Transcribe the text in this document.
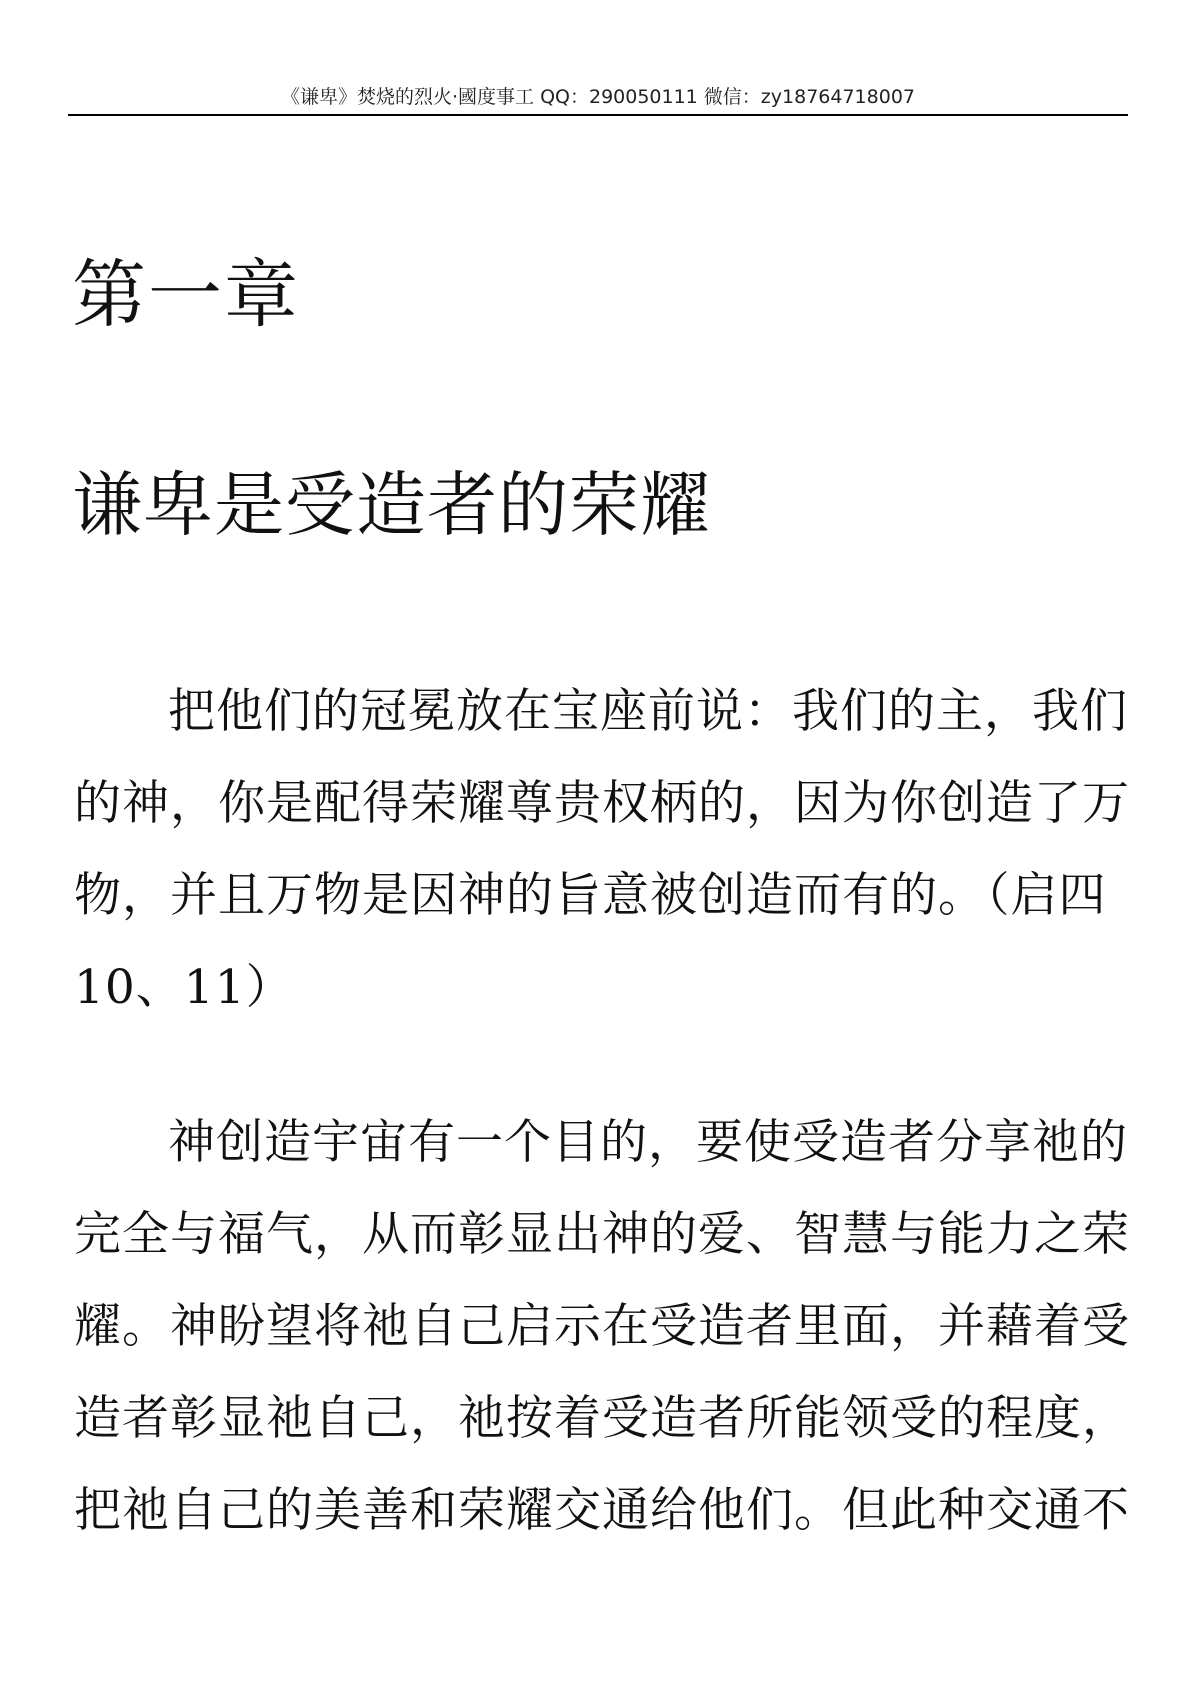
《谦卑》焚烧的烈火·國度事工 QQ：290050111 微信：zy18764718007
第一章
谦卑是受造者的荣耀
把他们的冠冕放在宝座前说：我们的主，我们
的神，你是配得荣耀尊贵权柄的，因为你创造了万
物，并且万物是因神的旨意被创造而有的。（启四
10、11）
神创造宇宙有一个目的，要使受造者分享祂的
完全与福气，从而彰显出神的爱、智慧与能力之荣
耀。神盼望将祂自己启示在受造者里面，并藉着受
造者彰显祂自己，祂按着受造者所能领受的程度，
把祂自己的美善和荣耀交通给他们。但此种交通不
